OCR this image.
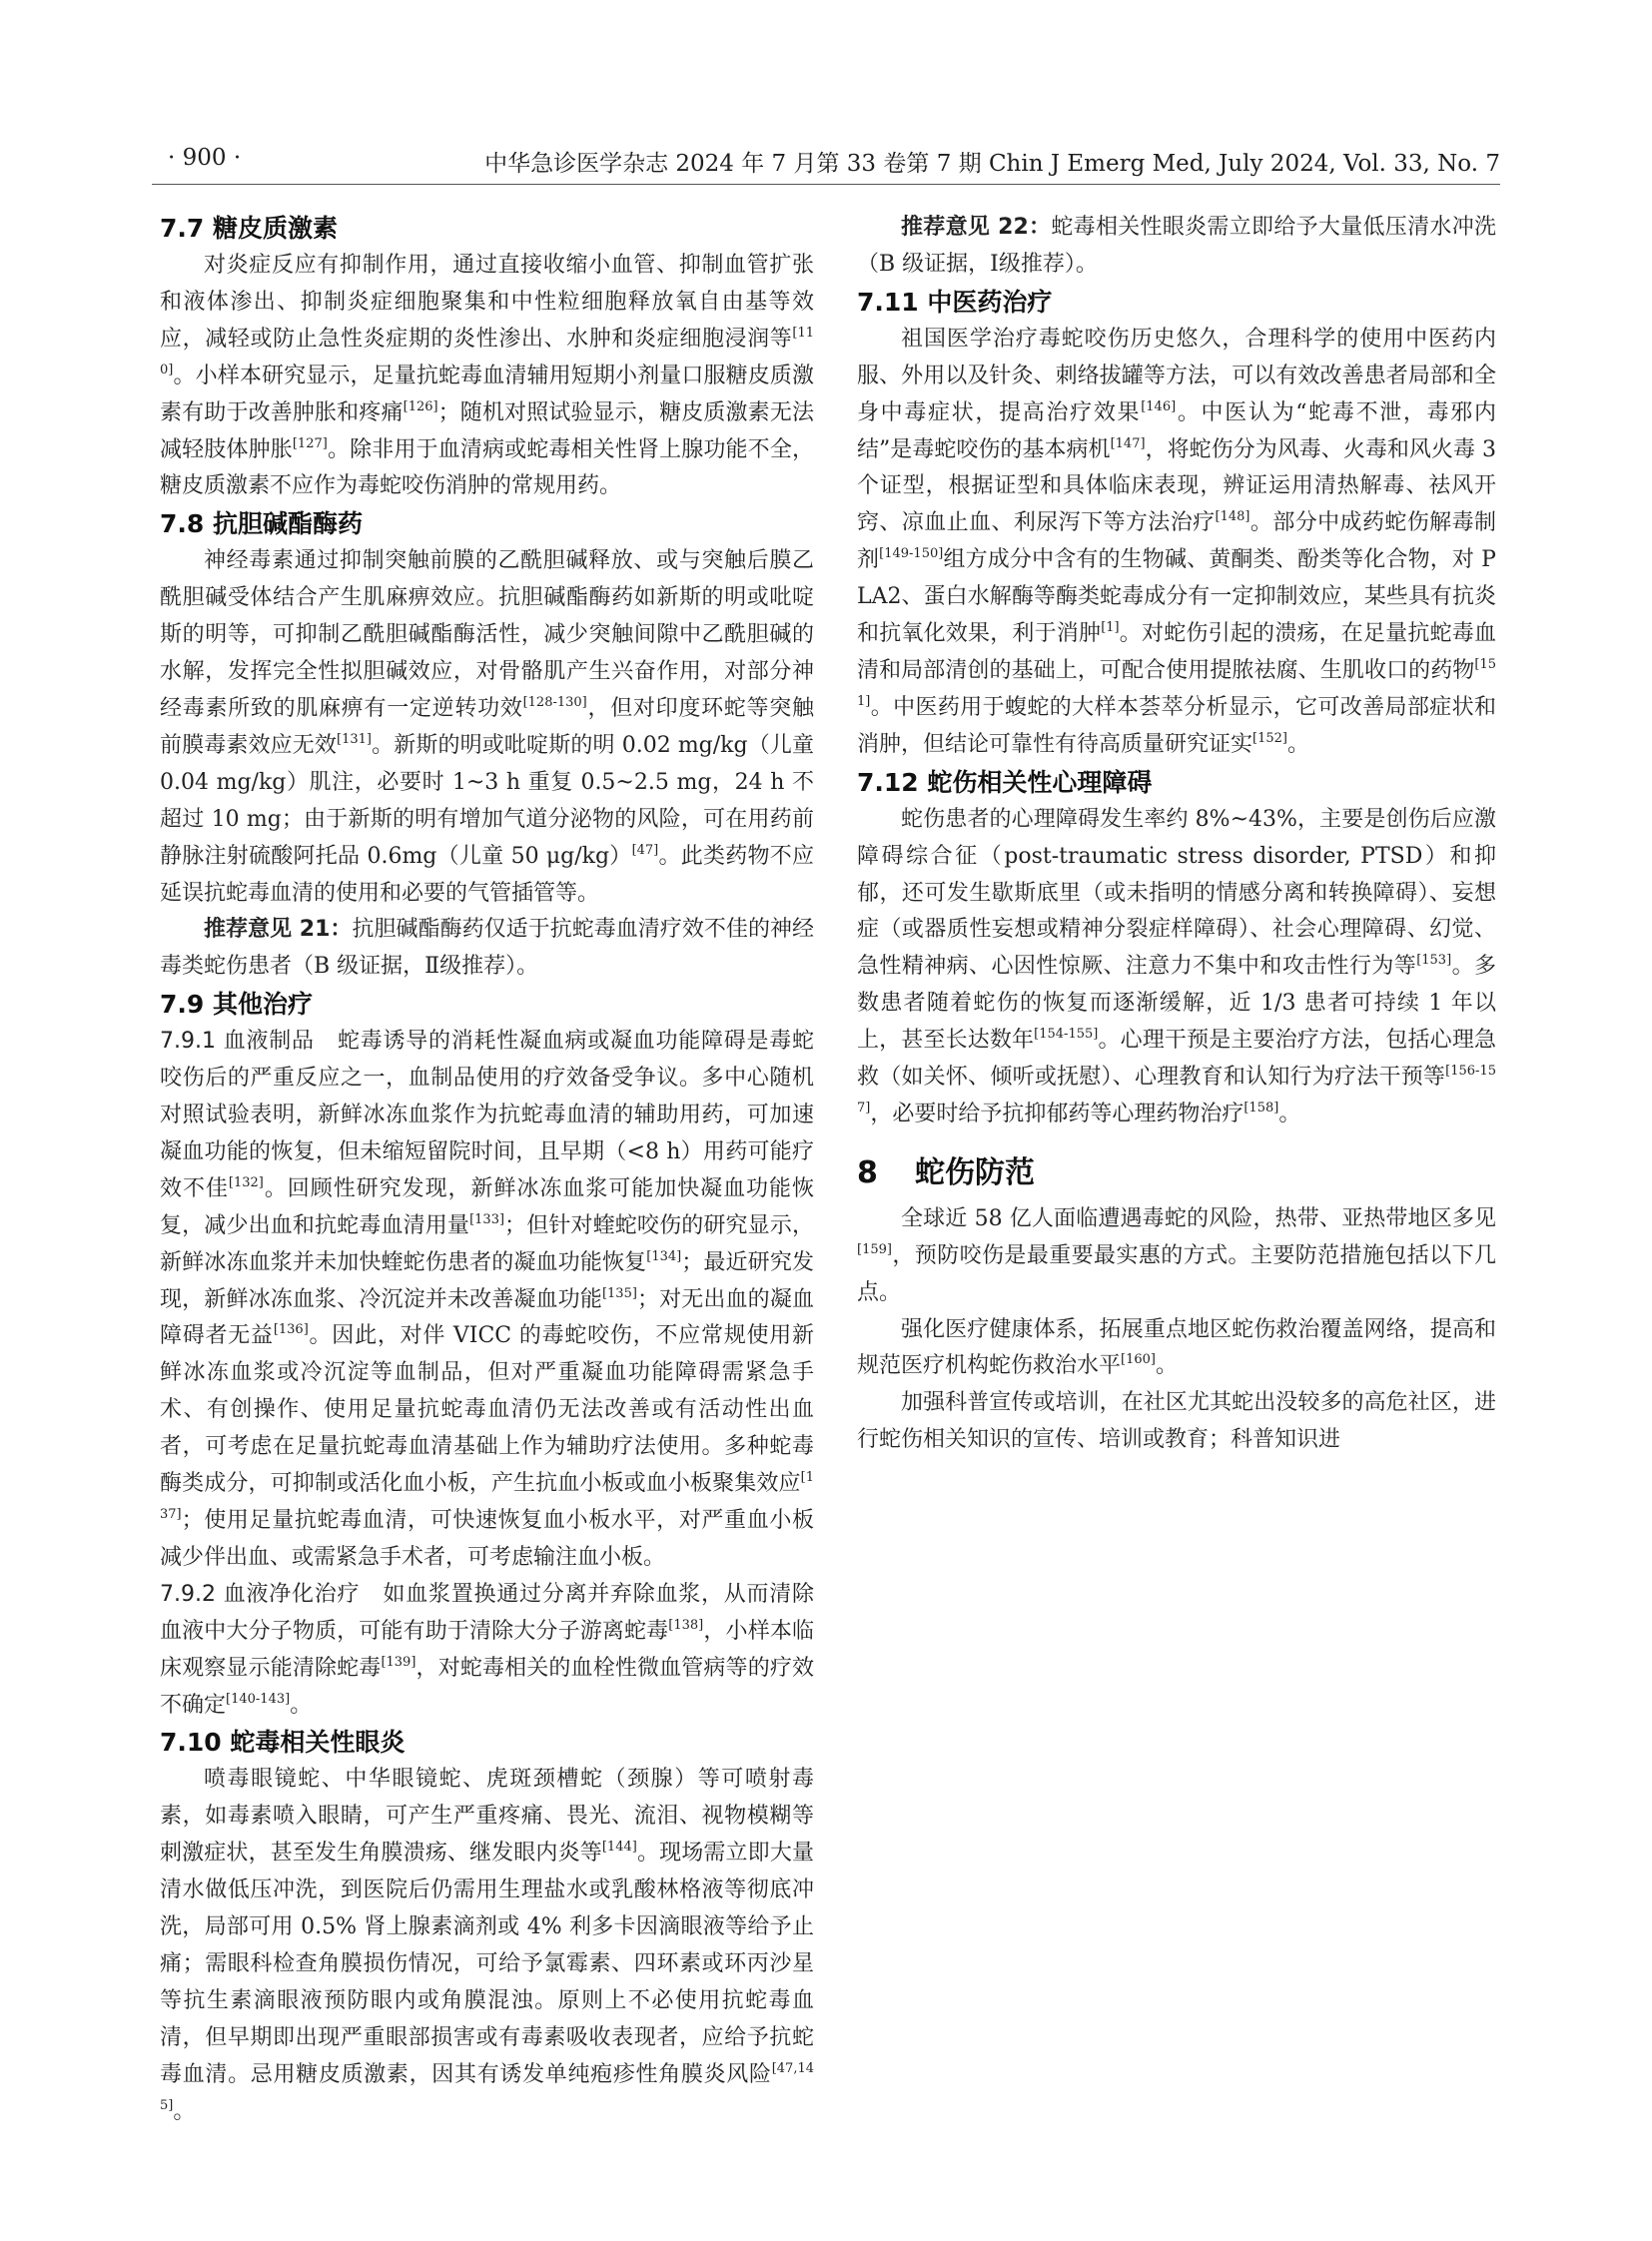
· 900 ·	中华急诊医学杂志 2024 年 7 月第 33 卷第 7 期 Chin J Emerg Med, July 2024, Vol. 33, No. 7
7.7 糖皮质激素

对炎症反应有抑制作用，通过直接收缩小血管、抑制血管扩张和液体渗出、抑制炎症细胞聚集和中性粒细胞释放氧自由基等效应，减轻或防止急性炎症期的炎性渗出、水肿和炎症细胞浸润等[110]。小样本研究显示，足量抗蛇毒血清辅用短期小剂量口服糖皮质激素有助于改善肿胀和疼痛[126]；随机对照试验显示，糖皮质激素无法减轻肢体肿胀[127]。除非用于血清病或蛇毒相关性肾上腺功能不全，糖皮质激素不应作为毒蛇咬伤消肿的常规用药。

7.8 抗胆碱酯酶药

神经毒素通过抑制突触前膜的乙酰胆碱释放、或与突触后膜乙酰胆碱受体结合产生肌麻痹效应。抗胆碱酯酶药如新斯的明或吡啶斯的明等，可抑制乙酰胆碱酯酶活性，减少突触间隙中乙酰胆碱的水解，发挥完全性拟胆碱效应，对骨骼肌产生兴奋作用，对部分神经毒素所致的肌麻痹有一定逆转功效[128-130]，但对印度环蛇等突触前膜毒素效应无效[131]。新斯的明或吡啶斯的明 0.02 mg/kg（儿童 0.04 mg/kg）肌注，必要时 1~3 h 重复 0.5~2.5 mg，24 h 不超过 10 mg；由于新斯的明有增加气道分泌物的风险，可在用药前静脉注射硫酸阿托品 0.6mg（儿童 50 μg/kg）[47]。此类药物不应延误抗蛇毒血清的使用和必要的气管插管等。

推荐意见 21：抗胆碱酯酶药仅适于抗蛇毒血清疗效不佳的神经毒类蛇伤患者（B 级证据，Ⅱ级推荐）。

7.9 其他治疗

7.9.1 血液制品 蛇毒诱导的消耗性凝血病或凝血功能障碍是毒蛇咬伤后的严重反应之一，血制品使用的疗效备受争议。多中心随机对照试验表明，新鲜冰冻血浆作为抗蛇毒血清的辅助用药，可加速凝血功能的恢复，但未缩短留院时间，且早期（<8 h）用药可能疗效不佳[132]。回顾性研究发现，新鲜冰冻血浆可能加快凝血功能恢复，减少出血和抗蛇毒血清用量[133]；但针对蝰蛇咬伤的研究显示，新鲜冰冻血浆并未加快蝰蛇伤患者的凝血功能恢复[134]；最近研究发现，新鲜冰冻血浆、冷沉淀并未改善凝血功能[135]；对无出血的凝血障碍者无益[136]。因此，对伴 VICC 的毒蛇咬伤，不应常规使用新鲜冰冻血浆或冷沉淀等血制品，但对严重凝血功能障碍需紧急手术、有创操作、使用足量抗蛇毒血清仍无法改善或有活动性出血者，可考虑在足量抗蛇毒血清基础上作为辅助疗法使用。多种蛇毒酶类成分，可抑制或活化血小板，产生抗血小板或血小板聚集效应[137]；使用足量抗蛇毒血清，可快速恢复血小板水平，对严重血小板减少伴出血、或需紧急手术者，可考虑输注血小板。

7.9.2 血液净化治疗 如血浆置换通过分离并弃除血浆，从而清除血液中大分子物质，可能有助于清除大分子游离蛇毒[138]，小样本临床观察显示能清除蛇毒[139]，对蛇毒相关的血栓性微血管病等的疗效不确定[140-143]。

7.10 蛇毒相关性眼炎

喷毒眼镜蛇、中华眼镜蛇、虎斑颈槽蛇（颈腺）等可喷射毒素，如毒素喷入眼睛，可产生严重疼痛、畏光、流泪、视物模糊等刺激症状，甚至发生角膜溃疡、继发眼内炎等[144]。现场需立即大量清水做低压冲洗，到医院后仍需用生理盐水或乳酸林格液等彻底冲洗，局部可用 0.5% 肾上腺素滴剂或 4% 利多卡因滴眼液等给予止痛；需眼科检查角膜损伤情况，可给予氯霉素、四环素或环丙沙星等抗生素滴眼液预防眼内或角膜混浊。原则上不必使用抗蛇毒血清，但早期即出现严重眼部损害或有毒素吸收表现者，应给予抗蛇毒血清。忌用糖皮质激素，因其有诱发单纯疱疹性角膜炎风险[47,145]。

推荐意见 22：蛇毒相关性眼炎需立即给予大量低压清水冲洗（B 级证据，Ⅰ级推荐）。

7.11 中医药治疗

祖国医学治疗毒蛇咬伤历史悠久，合理科学的使用中医药内服、外用以及针灸、刺络拔罐等方法，可以有效改善患者局部和全身中毒症状，提高治疗效果[146]。中医认为“蛇毒不泄，毒邪内结”是毒蛇咬伤的基本病机[147]，将蛇伤分为风毒、火毒和风火毒 3 个证型，根据证型和具体临床表现，辨证运用清热解毒、祛风开窍、凉血止血、利尿泻下等方法治疗[148]。部分中成药蛇伤解毒制剂[149-150]组方成分中含有的生物碱、黄酮类、酚类等化合物，对 PLA2、蛋白水解酶等酶类蛇毒成分有一定抑制效应，某些具有抗炎和抗氧化效果，利于消肿[1]。对蛇伤引起的溃疡，在足量抗蛇毒血清和局部清创的基础上，可配合使用提脓祛腐、生肌收口的药物[151]。中医药用于蝮蛇的大样本荟萃分析显示，它可改善局部症状和消肿，但结论可靠性有待高质量研究证实[152]。

7.12 蛇伤相关性心理障碍

蛇伤患者的心理障碍发生率约 8%~43%，主要是创伤后应激障碍综合征（post-traumatic stress disorder, PTSD）和抑郁，还可发生歇斯底里（或未指明的情感分离和转换障碍）、妄想症（或器质性妄想或精神分裂症样障碍）、社会心理障碍、幻觉、急性精神病、心因性惊厥、注意力不集中和攻击性行为等[153]。多数患者随着蛇伤的恢复而逐渐缓解，近 1/3 患者可持续 1 年以上，甚至长达数年[154-155]。心理干预是主要治疗方法，包括心理急救（如关怀、倾听或抚慰）、心理教育和认知行为疗法干预等[156-157]，必要时给予抗抑郁药等心理药物治疗[158]。

8 蛇伤防范

全球近 58 亿人面临遭遇毒蛇的风险，热带、亚热带地区多见[159]，预防咬伤是最重要最实惠的方式。主要防范措施包括以下几点。

强化医疗健康体系，拓展重点地区蛇伤救治覆盖网络，提高和规范医疗机构蛇伤救治水平[160]。

加强科普宣传或培训，在社区尤其蛇出没较多的高危社区，进行蛇伤相关知识的宣传、培训或教育；科普知识进
